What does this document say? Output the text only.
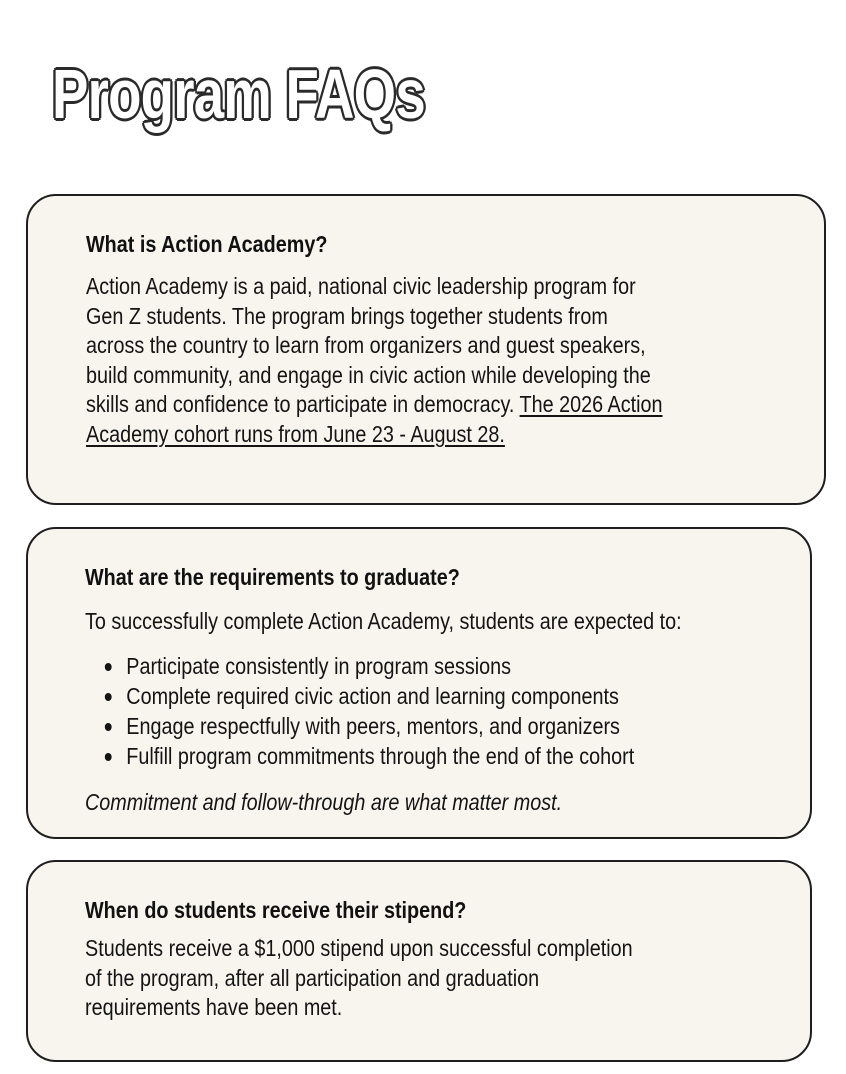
Program FAQs
What is Action Academy?

Action Academy is a paid, national civic leadership program for
Gen Z students. The program brings together students from
across the country to learn from organizers and guest speakers,
build community, and engage in civic action while developing the
skills and confidence to participate in democracy. The 2026 Action
Academy cohort runs from June 23 - August 28.

What are the requirements to graduate?

To successfully complete Action Academy, students are expected to:

Participate consistently in program sessions
Complete required civic action and learning components
Engage respectfully with peers, mentors, and organizers
Fulfill program commitments through the end of the cohort

Commitment and follow-through are what matter most.

When do students receive their stipend?

Students receive a $1,000 stipend upon successful completion
of the program, after all participation and graduation
requirements have been met.
